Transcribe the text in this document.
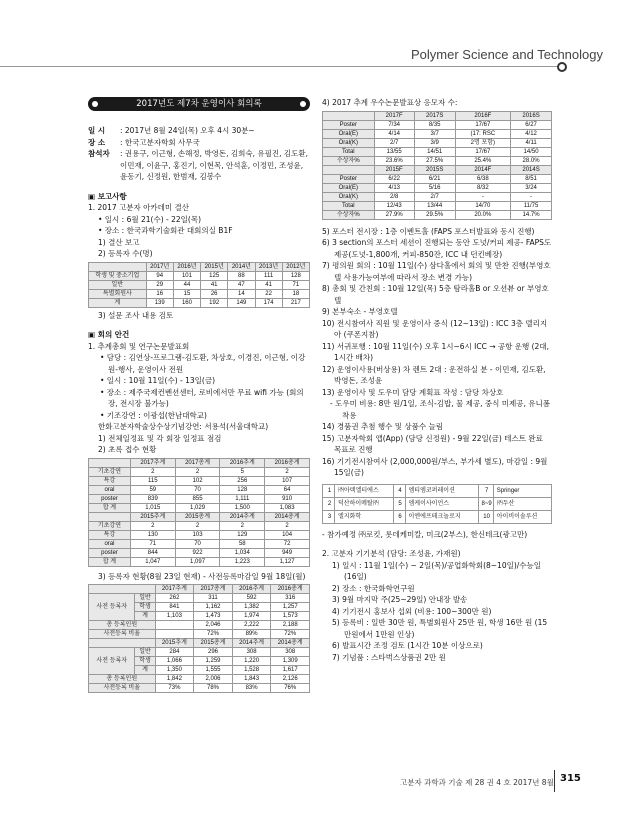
Polymer Science and Technology
2017년도 제7차 운영이사 회의록
일 시	: 2017년 8월 24일(목) 오후 4시 30분~
장 소	: 한국고분자학회 사무국
참석자	: 권용구, 이근형, 손해정, 박영돈, 김희숙, 유필진, 김도환, 이민재, 이윤구, 홍진기, 이현목, 안석훈, 이정민, 조성윤, 윤동기, 신정원, 한범재, 김봉수
▣ 보고사항
1. 2017 고분자 아카데미 결산
• 일시 : 6월 21(수) - 22일(목)
• 장소 : 한국과학기술회관 대회의실 B1F
1) 결산 보고
2) 등록자 수(명)
	2017년	2016년	2015년	2014년	2013년	2012년
학생 및 중소기업	94	101	125	88	111	128
일반	29	44	41	47	41	71
특별회원사	16	15	26	14	22	18
계	139	160	192	149	174	217
3) 설문 조사 내용 검토
▣ 회의 안건
1. 추계총회 및 연구논문발표회
• 담당 : 김연상-프로그램-김도환, 차상호, 이경진, 이근형, 이강원-행사, 운영이사 전원
• 일시 : 10월 11일(수) - 13일(금)
• 장소 : 제주국제컨벤션센터, 로비에서만 무료 wifi 가능 (회의장, 전시장 불가능)
• 기조강연 : 이광섭(한남대학교)
한화고분자학술상수상기념강연: 서용석(서울대학교)
1) 전체일정표 및 각 회장 일정표 점검
2) 초록 접수 현황
	2017추계	2017총계	2016추계	2016총계
기초강연	2	2	5	2
특강	115	102	256	107
oral	59	70	128	64
poster	839	855	1,111	910
합 계	1,015	1,029	1,500	1,083
	2015추계	2015총계	2014추계	2014총계
기초강연	2	2	2	2
특강	130	103	129	104
oral	71	70	58	72
poster	844	922	1,034	949
합 계	1,047	1,097	1,223	1,127
3) 등록자 현황(8월 23일 현재) - 사전등록마감일 9월 18일(월)
		2017추계	2017총계	2016추계	2016총계
사전 등록자	일반	262	311	592	316
	학생	841	1,162	1,382	1,257
	계	1,103	1,473	1,974	1,573
총 등록인원			2,046	2,222	2,188
사전등록 비율			72%	89%	72%
		2015추계	2015총계	2014추계	2014총계
사전 등록자	일반	284	296	308	308
	학생	1,066	1,259	1,220	1,309
	계	1,350	1,555	1,528	1,617
총 등록인원		1,842	2,006	1,843	2,126
사전등록 비율		73%	78%	83%	76%
4) 2017 추계 우수논문발표상 응모자 수:
	2017F	2017S	2016F	2016S
Poster	7/34	8/35	17/67	6/27
Oral(E)	4/14	3/7	(17: RSC	4/12
Oral(K)	2/7	3/9	2명 포함)	4/11
Total	13/55	14/51	17/67	14/50
수상자%	23.6%	27.5%	25.4%	28.0%
	2015F	2015S	2014F	2014S
Poster	6/22	6/21	6/38	8/51
Oral(E)	4/13	5/16	8/32	3/24
Oral(K)	2/8	2/7	-	-
Total	12/43	13/44	14/70	11/75
수상자%	27.9%	29.5%	20.0%	14.7%
5) 포스터 전시장 : 1층 이벤트홀 (FAPS 포스터발표와 동시 진행)
6) 3 section의 포스터 세션이 진행되는 동안 도넛/커피 제공- FAPS도 제공(도넛-1,800개, 커피-850잔, ICC 내 던킨베장)
7) 평의원 회의 : 10월 11일(수) 삼다홀에서 회의 및 만찬 진행(부영호텔 사용가능여부에 따라서 장소 변경 가능)
8) 총회 및 간친회 : 10월 12일(목) 5층 탐라홀B or 오션뷰 or 부영호텔
9) 본부숙소 - 부영호텔
10) 전시참여사 직원 및 운영이사 중식 (12~13일) : ICC 3층 델리지아 (쿠폰지참)
11) 서귀포행 : 10월 11일(수) 오후 1시~6시 ICC → 공항 운행 (2대, 1시간 배차)
12) 운영이사용(버상용) 차 렌트 2대 : 운전하실 분 - 이민재, 김도환, 박영돈, 조성윤
13) 운영이사 및 도우미 담당 계획표 작성 : 담당 차상호
- 도우미 비용: 8만 원/1일, 조식-김밥, 물 제공, 중식 미제공, 유니폼 착용
14) 경품권 추첨 행수 및 상품수 늘림
15) 고분자학회 앱(App) (담당 신정원) - 9월 22일(금) 테스트 완료 목표로 진행
16) 기기전시참여사 (2,000,000원/부스, 부가세 별도), 마감일 : 9월 15일(금)
1	㈜아텍엘티에스	4	엠티엠코퍼레이션	7	Springer
2	덕산하이메탈㈜	5	엠케이사이언스	8~9	㈜두산
3	엘지화학	6	이엔에프테크놀로지	10	아이비이솔루션
- 참가예정 ㈜로킷, 롯데케미칼, 미크(2부스), 한신테크(광고만)
2. 고분자 기기분석 (담당: 조성윤, 가재원)
1) 일시 : 11월 1일(수) ~ 2일(목)/공업화학회(8~10일)/수능일(16일)
2) 장소 : 한국화학연구원
3) 9월 마지막 주(25~29일) 안내장 발송
4) 기기전시 홍보사 섭외 (비용: 100~300만 원)
5) 등록비 : 일반 30만 원, 특별회원사 25만 원, 학생 16만 원 (15만원에서 1만원 인상)
6) 발표시간 조정 검토 (1시간 10분 이상으로)
7) 기념품 : 스타벅스상품권 2만 원
고분자 과학과 기술 제 28 권 4 호 2017년 8월 315
